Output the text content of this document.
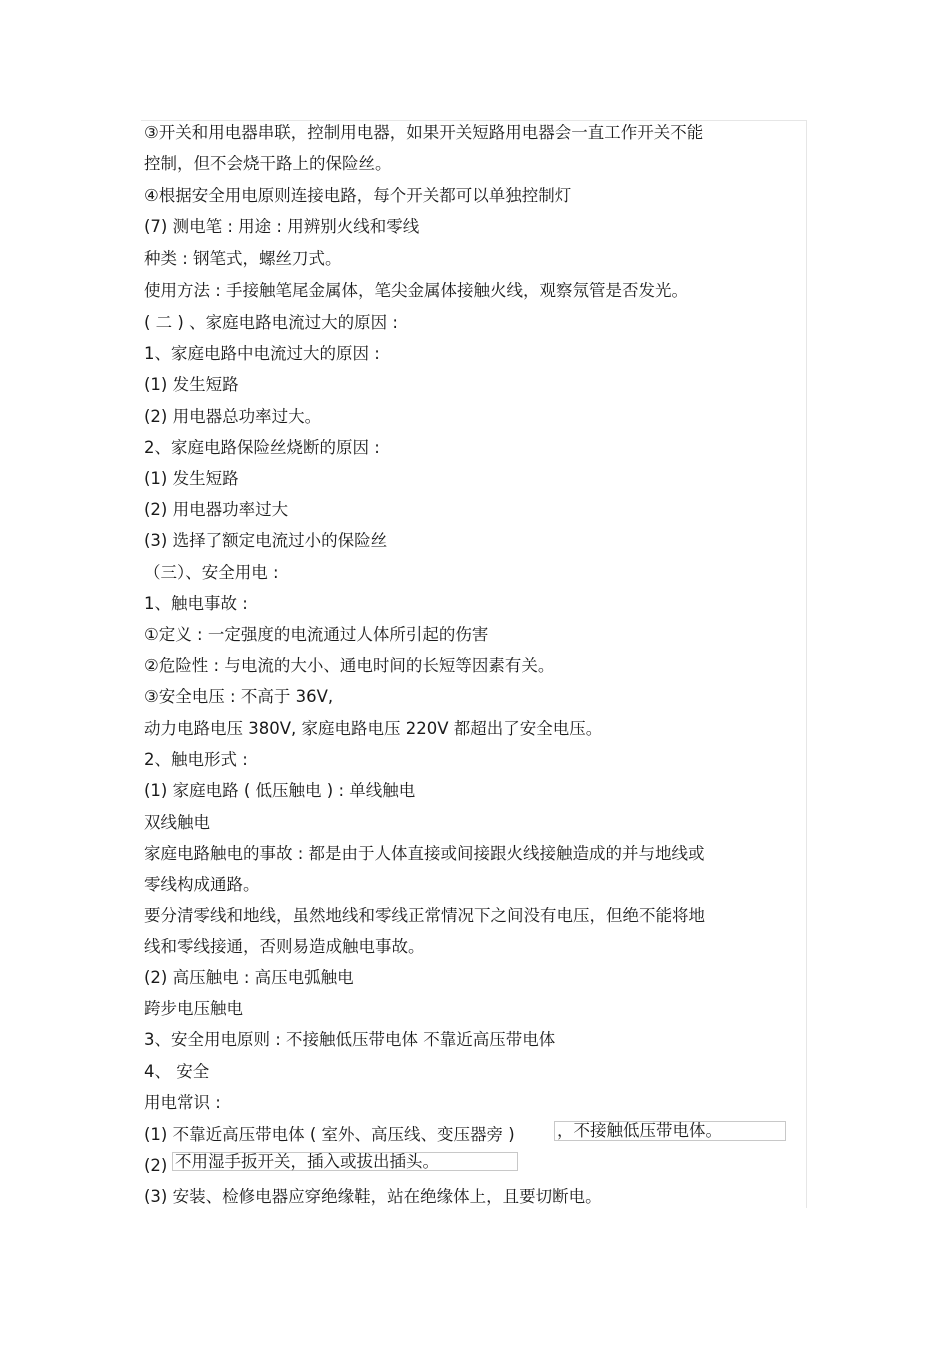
③开关和用电器串联，控制用电器，如果开关短路用电器会一直工作开关不能
控制，但不会烧干路上的保险丝。
④根据安全用电原则连接电路，每个开关都可以单独控制灯
(7) 测电笔 : 用途 : 用辨别火线和零线
种类 : 钢笔式，螺丝刀式。
使用方法 : 手接触笔尾金属体，笔尖金属体接触火线，观察氖管是否发光。
( 二 ) 、家庭电路电流过大的原因 :
1、家庭电路中电流过大的原因 :
(1) 发生短路
(2) 用电器总功率过大。
2、家庭电路保险丝烧断的原因 :
(1) 发生短路
(2) 用电器功率过大
(3) 选择了额定电流过小的保险丝
（三）、安全用电 :
1、触电事故 :
①定义 : 一定强度的电流通过人体所引起的伤害
②危险性 : 与电流的大小、通电时间的长短等因素有关。
③安全电压 : 不高于 36V,
动力电路电压 380V, 家庭电路电压 220V 都超出了安全电压。
2、触电形式 :
(1) 家庭电路 ( 低压触电 ) : 单线触电
双线触电
家庭电路触电的事故 : 都是由于人体直接或间接跟火线接触造成的并与地线或
零线构成通路。
要分清零线和地线，虽然地线和零线正常情况下之间没有电压，但绝不能将地
线和零线接通，否则易造成触电事故。
(2) 高压触电 : 高压电弧触电
跨步电压触电
3、安全用电原则 : 不接触低压带电体 不靠近高压带电体
4、 安全
用电常识 :
(1) 不靠近高压带电体 ( 室外、高压线、变压器旁 )
(2)
(3) 安装、检修电器应穿绝缘鞋，站在绝缘体上，且要切断电。
，不接触低压带电体。
不用湿手扳开关，插入或拔出插头。
